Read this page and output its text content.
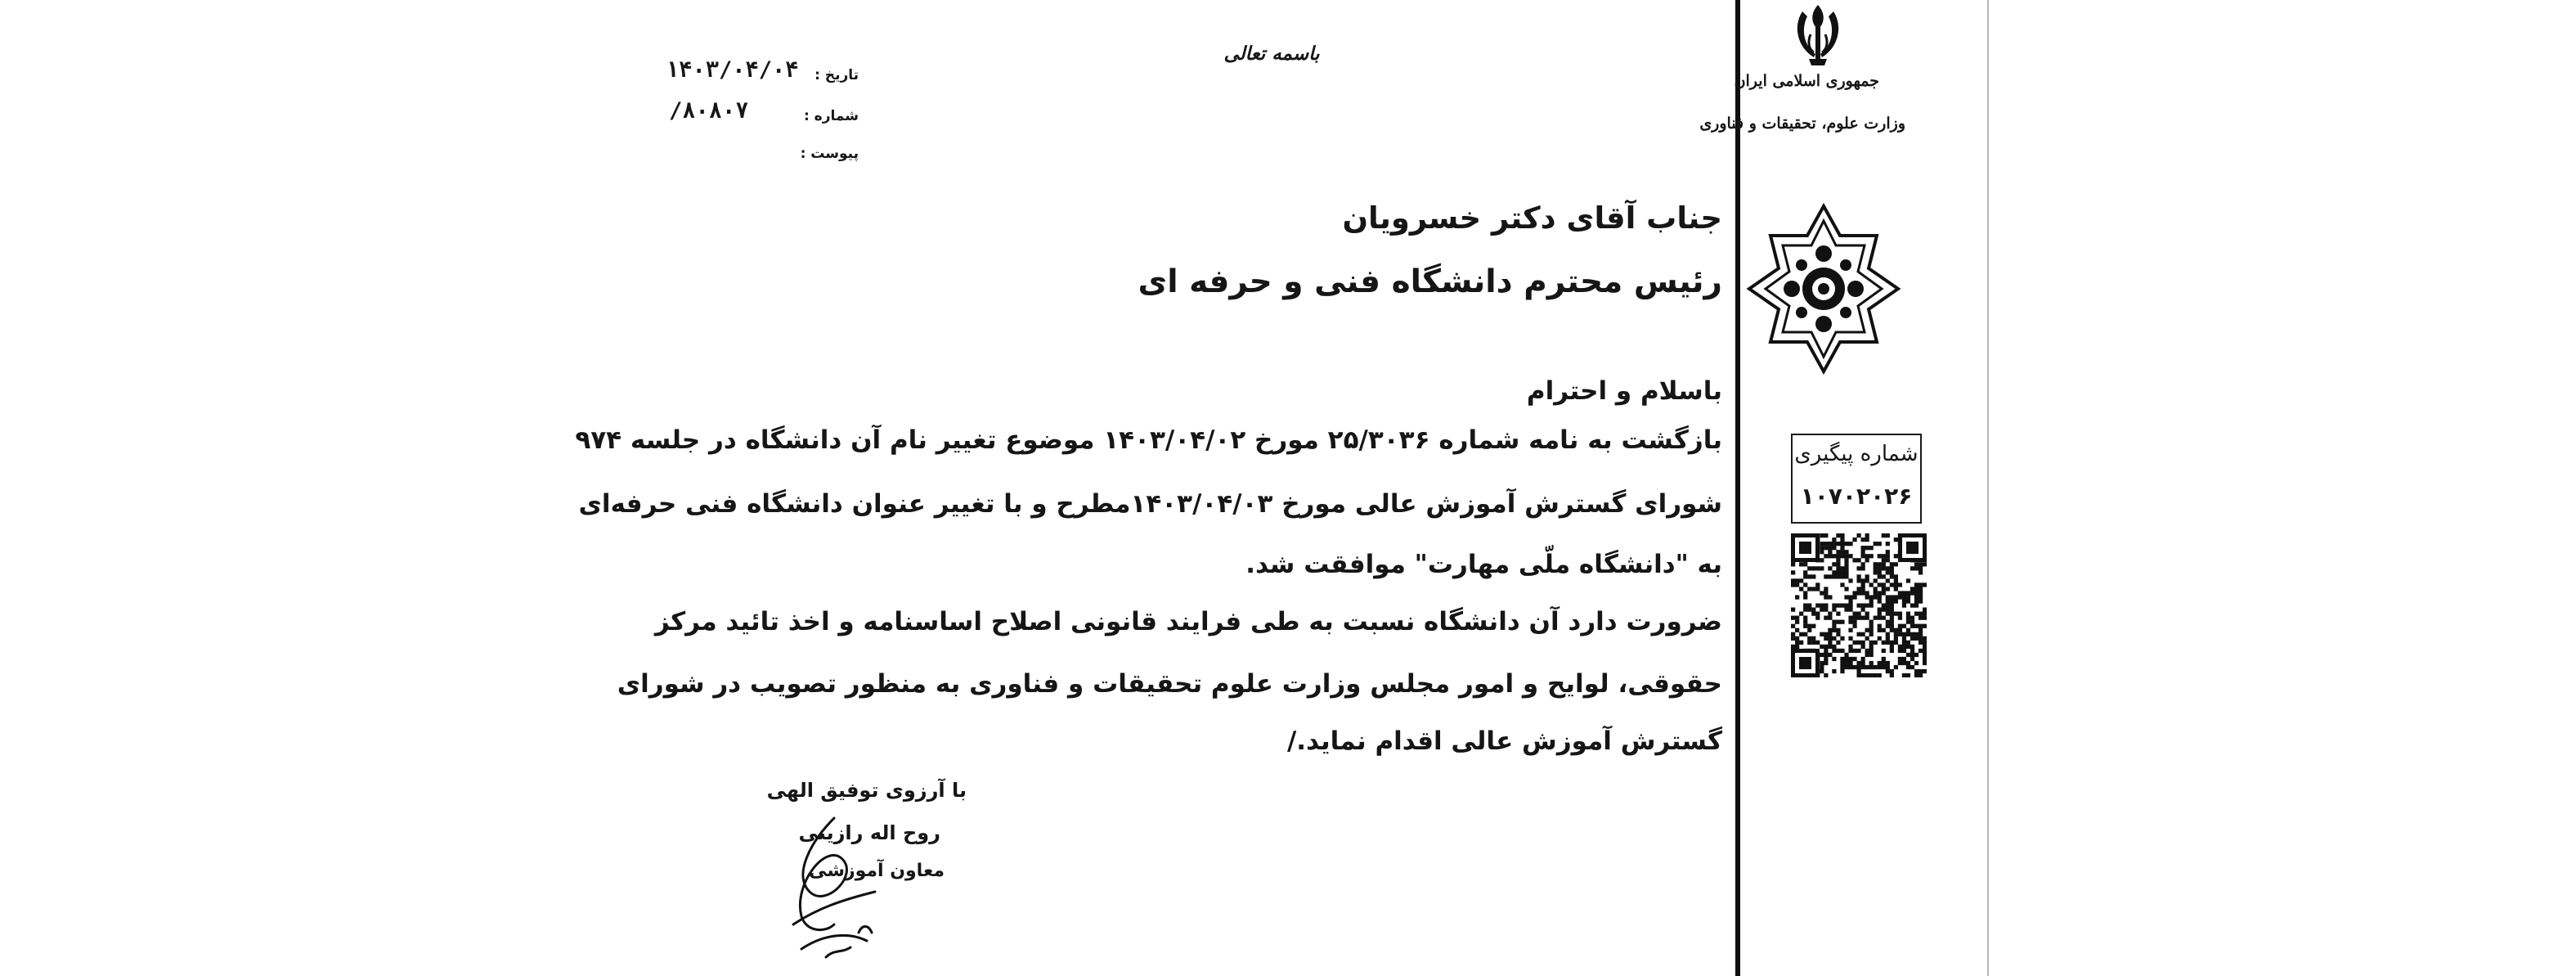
جمهوری اسلامی ایران
وزارت علوم، تحقیقات و فناوری
باسمه تعالی
تاریخ :
۱۴۰۳/۰۴/۰۴
شماره :
/۸۰۸۰۷
پیوست :
شماره پیگیری
۱۰۷۰۲۰۲۶
جناب آقای دکتر خسرویان
رئیس محترم دانشگاه فنی و حرفه ای
باسلام و احترام
بازگشت به نامه شماره ۲۵/۳۰۳۶ مورخ ۱۴۰۳/۰۴/۰۲ موضوع تغییر نام آن دانشگاه در جلسه ۹۷۴
شورای گسترش آموزش عالی مورخ ۱۴۰۳/۰۴/۰۳مطرح و با تغییر عنوان دانشگاه فنی حرفه‌ای
به "دانشگاه ملّی مهارت" موافقت شد.
ضرورت دارد آن دانشگاه نسبت به طی فرایند قانونی اصلاح اساسنامه و اخذ تائید مرکز
حقوقی، لوایح و امور مجلس وزارت علوم تحقیقات و فناوری به منظور تصویب در شورای
گسترش آموزش عالی اقدام نماید./
با آرزوی توفیق الهی
روح اله رازینی
معاون آموزشی
